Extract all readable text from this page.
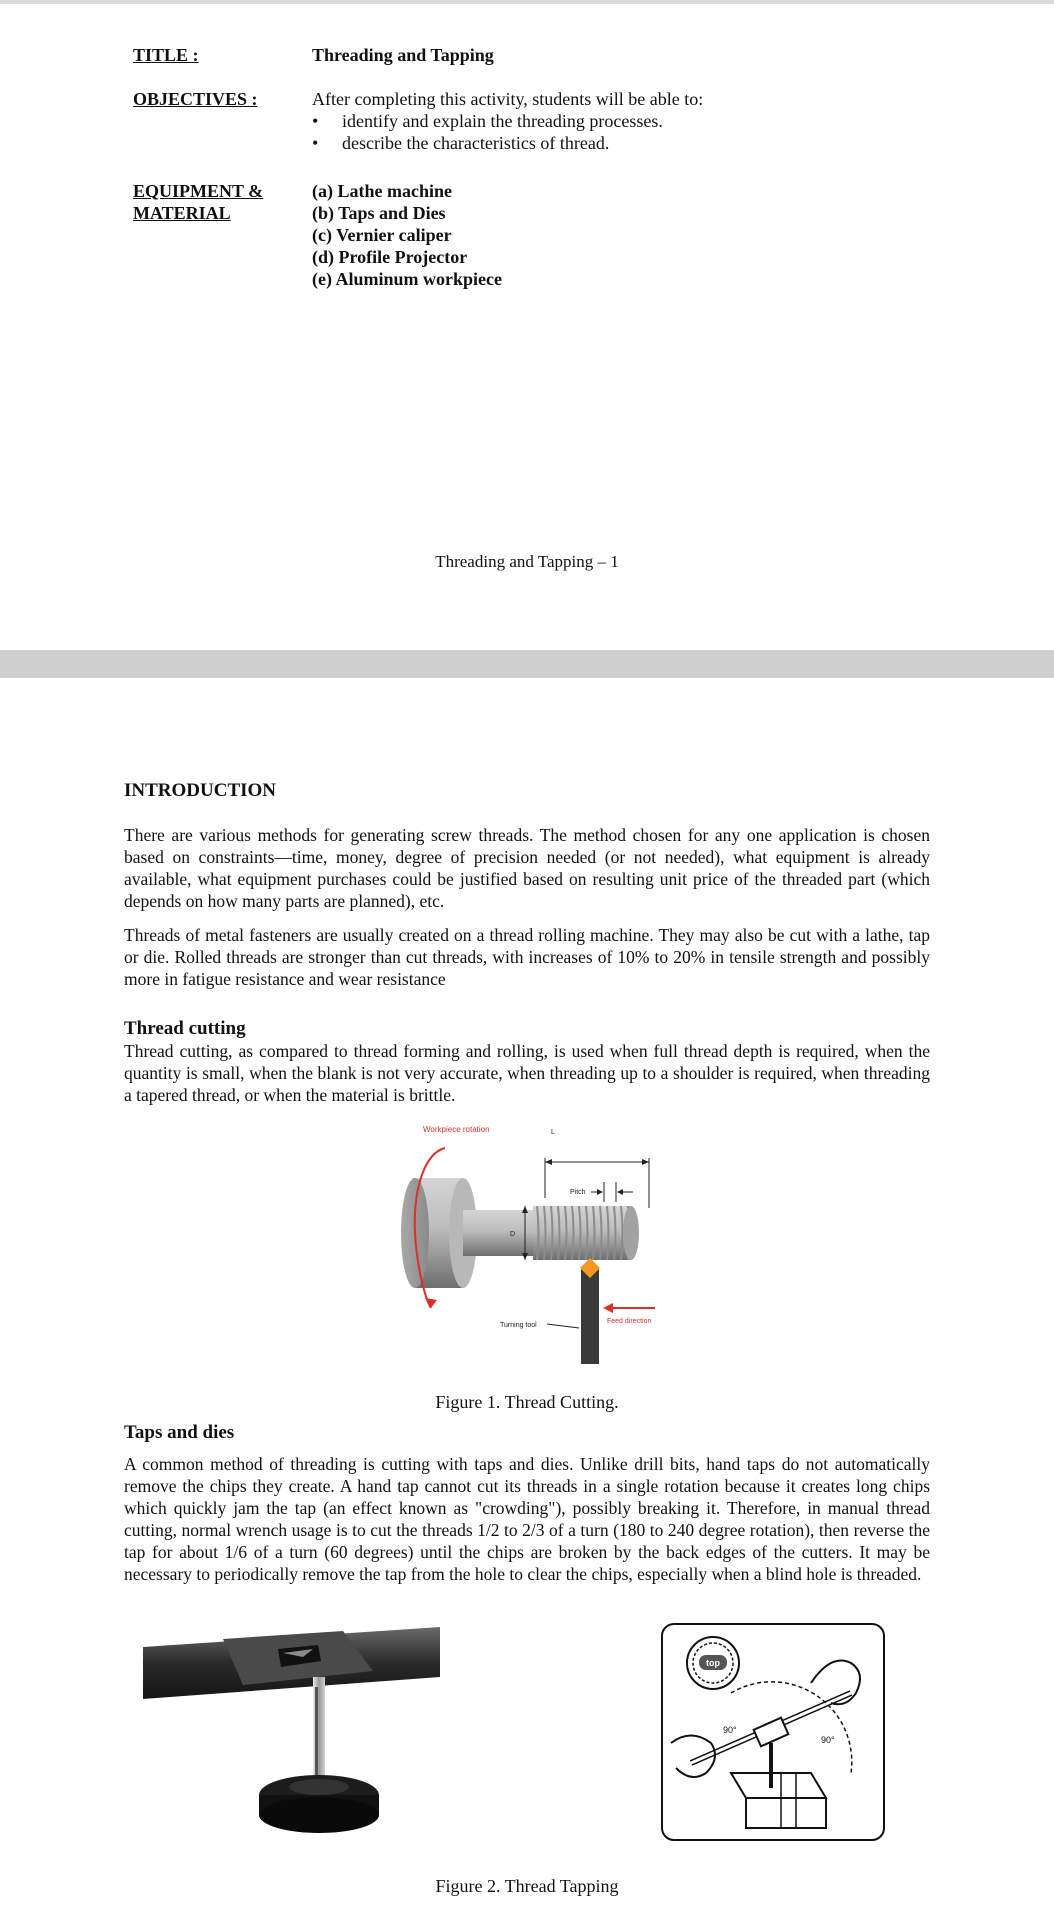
TITLE :	Threading and Tapping
OBJECTIVES :	After completing this activity, students will be able to:
• identify and explain the threading processes.
• describe the characteristics of thread.
EQUIPMENT &
MATERIAL
(a) Lathe machine
(b) Taps and Dies
(c) Vernier caliper
(d) Profile Projector
(e) Aluminum workpiece
Threading and Tapping – 1
INTRODUCTION
There are various methods for generating screw threads. The method chosen for any one application is chosen based on constraints—time, money, degree of precision needed (or not needed), what equipment is already available, what equipment purchases could be justified based on resulting unit price of the threaded part (which depends on how many parts are planned), etc.
Threads of metal fasteners are usually created on a thread rolling machine. They may also be cut with a lathe, tap or die. Rolled threads are stronger than cut threads, with increases of 10% to 20% in tensile strength and possibly more in fatigue resistance and wear resistance
Thread cutting
Thread cutting, as compared to thread forming and rolling, is used when full thread depth is required, when the quantity is small, when the blank is not very accurate, when threading up to a shoulder is required, when threading a tapered thread, or when the material is brittle.
Workpiece rotation
D
L
Pitch
Turning tool
Feed direction
Figure 1. Thread Cutting.
Taps and dies
A common method of threading is cutting with taps and dies. Unlike drill bits, hand taps do not automatically remove the chips they create. A hand tap cannot cut its threads in a single rotation because it creates long chips which quickly jam the tap (an effect known as "crowding"), possibly breaking it. Therefore, in manual thread cutting, normal wrench usage is to cut the threads 1/2 to 2/3 of a turn (180 to 240 degree rotation), then reverse the tap for about 1/6 of a turn (60 degrees) until the chips are broken by the back edges of the cutters. It may be necessary to periodically remove the tap from the hole to clear the chips, especially when a blind hole is threaded.
top
90°
90°
Figure 2. Thread Tapping
